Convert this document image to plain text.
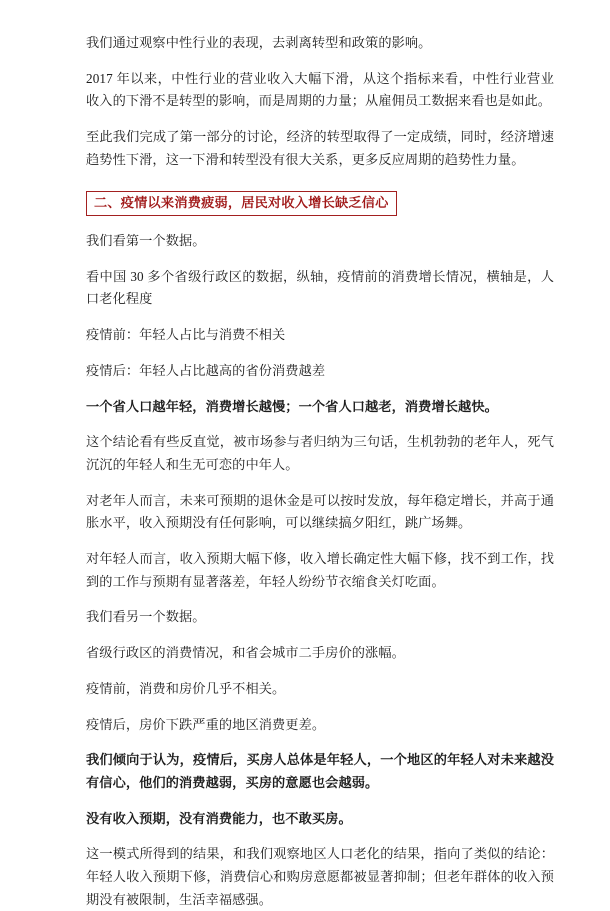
我们通过观察中性行业的表现，去剥离转型和政策的影响。

2017 年以来，中性行业的营业收入大幅下滑，从这个指标来看，中性行业营业收入的下滑不是转型的影响，而是周期的力量；从雇佣员工数据来看也是如此。

至此我们完成了第一部分的讨论，经济的转型取得了一定成绩，同时，经济增速趋势性下滑，这一下滑和转型没有很大关系，更多反应周期的趋势性力量。

二、疫情以来消费疲弱，居民对收入增长缺乏信心

我们看第一个数据。

看中国 30 多个省级行政区的数据，纵轴，疫情前的消费增长情况，横轴是，人口老化程度

疫情前：年轻人占比与消费不相关

疫情后：年轻人占比越高的省份消费越差

一个省人口越年轻，消费增长越慢；一个省人口越老，消费增长越快。

这个结论看有些反直觉，被市场参与者归纳为三句话，生机勃勃的老年人，死气沉沉的年轻人和生无可恋的中年人。

对老年人而言，未来可预期的退休金是可以按时发放，每年稳定增长，并高于通胀水平，收入预期没有任何影响，可以继续搞夕阳红，跳广场舞。

对年轻人而言，收入预期大幅下修，收入增长确定性大幅下修，找不到工作，找到的工作与预期有显著落差，年轻人纷纷节衣缩食关灯吃面。

我们看另一个数据。

省级行政区的消费情况，和省会城市二手房价的涨幅。

疫情前，消费和房价几乎不相关。

疫情后，房价下跌严重的地区消费更差。

我们倾向于认为，疫情后，买房人总体是年轻人，一个地区的年轻人对未来越没有信心，他们的消费越弱，买房的意愿也会越弱。

没有收入预期，没有消费能力，也不敢买房。

这一模式所得到的结果，和我们观察地区人口老化的结果，指向了类似的结论：年轻人收入预期下修，消费信心和购房意愿都被显著抑制；但老年群体的收入预期没有被限制，生活幸福感强。
